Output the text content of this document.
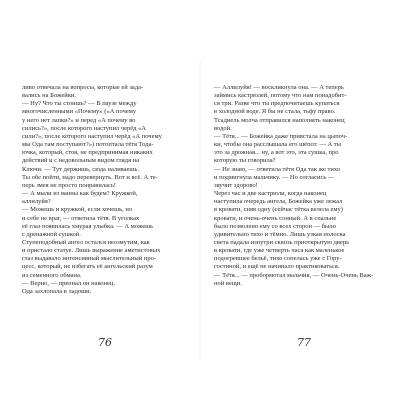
ливо отвечала на вопросы, которые ей зада-

вались на Божейки.

— Ну? Что ты стоишь? — В паузе между

многочисленными «Почему» («А почему

у него нет лапки?» и перед «А почему во

сились?», после которого наступил черёд «А

сили?», после которого наступил черёд «А почему

мы Ода там поступают?») потоптала тётя Тода-

ючка, который, стоя, не предпринимая никаких

действий и с недовольным видом глядя на

Ключи. — Тут держишь, сюда наливаешь.

Ты обе пойти, надо перевернуть. Вот и всё. А те-

перь змея не просто понравилась!

— А мыли из ванны как будем? Кружкой,

аллилуйя?

— Можешь и кружкой, если хочешь, но

и себе не враг, — ответила тётя. В уголках

её глаз появилась хмурая улыбка. — А можешь

с дренажной сушкой.

Ступеподобный ангел остался неозмутим, как

и пристало статуе. Лишь выражение аметистовых

глаз выдавало интенсивный мыслительный про-

цесс, который, не избегать её ангельский разум

из семенного обмана.

— Верно, — признал он наконец.

Ода захлопала в ладоши.

76

— Аллилуйя! — воскликнула она. — А теперь

займись кастрюлей, потому что нам понадобит-

ся три. Разве что ты предпочитаешь купаться

в холодной воде. Я бы не стала, тьфу право.

Тсадиель молча отправился наполнять наконец

водой.

— Тётя... — Божейка даже привстала на цыпоч-

ки, чтобы она расслышала его шёпот. — А ты

это за дрожная... ну, а вот это, эта сушка, про

которую ты говорила?

— Не знаю, — ответила тётя Ода так же тихо

и подмигнула мальчику. — Но согласись —

звучит здорово!

Через час и две кастрюли, когда наконец

наступила очередь ангела, Божейка уже лежал

в кровати, сняв одну (сейчас тётка велела ему)

кровати, и очень-очень сонный. А в спальне

было позволено ему со всех сторон — было

удивительно тихо и тёмно. Лишь узкая полоска

света падала изнутри сквозь приоткрытую дверь

в кровати, где уже четверть часа как маленькое

подогревшее бельё, тихо сопелась уже с Гору-

гостиной, и ещё не начинало практиковаться.

— Тётя... — пробормотал мальчик, — Очень-Очень Важ-

ной вещи.

77
